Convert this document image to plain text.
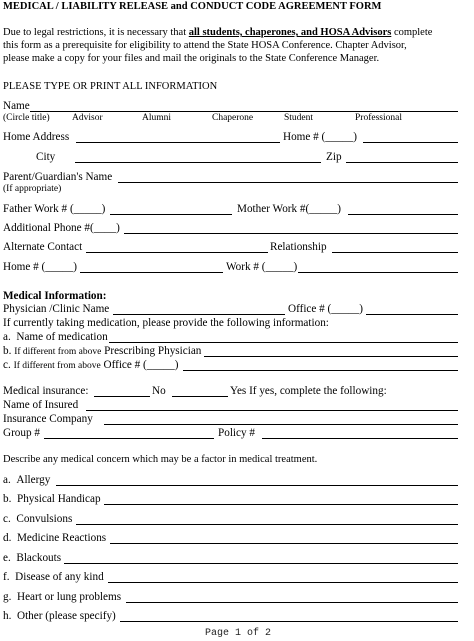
MEDICAL / LIABILITY RELEASE and CONDUCT CODE AGREEMENT FORM
Due to legal restrictions, it is necessary that all students, chaperones, and HOSA Advisors complete
this form as a prerequisite for eligibility to attend the State HOSA Conference. Chapter Advisor,
please make a copy for your files and mail the originals to the State Conference Manager.
PLEASE TYPE OR PRINT ALL INFORMATION
Name
(Circle title) Advisor	Alumni	Chaperone	Student	Professional
Home Address	Home # (_____)
City	Zip
Parent/Guardian's Name
(If appropriate)
Father Work # (_____)	Mother Work #(_____)
Additional Phone #(____)
Alternate Contact	Relationship
Home # (_____)	Work # (_____)
Medical Information:
Physician /Clinic Name	Office # (_____)
If currently taking medication, please provide the following information:
a. Name of medication
b. If different from above Prescribing Physician
c. If different from above Office # (_____)
Medical insurance:	No	Yes If yes, complete the following:
Name of Insured
Insurance Company
Group #	Policy #
Describe any medical concern which may be a factor in medical treatment.
a. Allergy
b. Physical Handicap
c. Convulsions
d. Medicine Reactions
e. Blackouts
f. Disease of any kind
g. Heart or lung problems
h. Other (please specify)
Page 1 of 2
